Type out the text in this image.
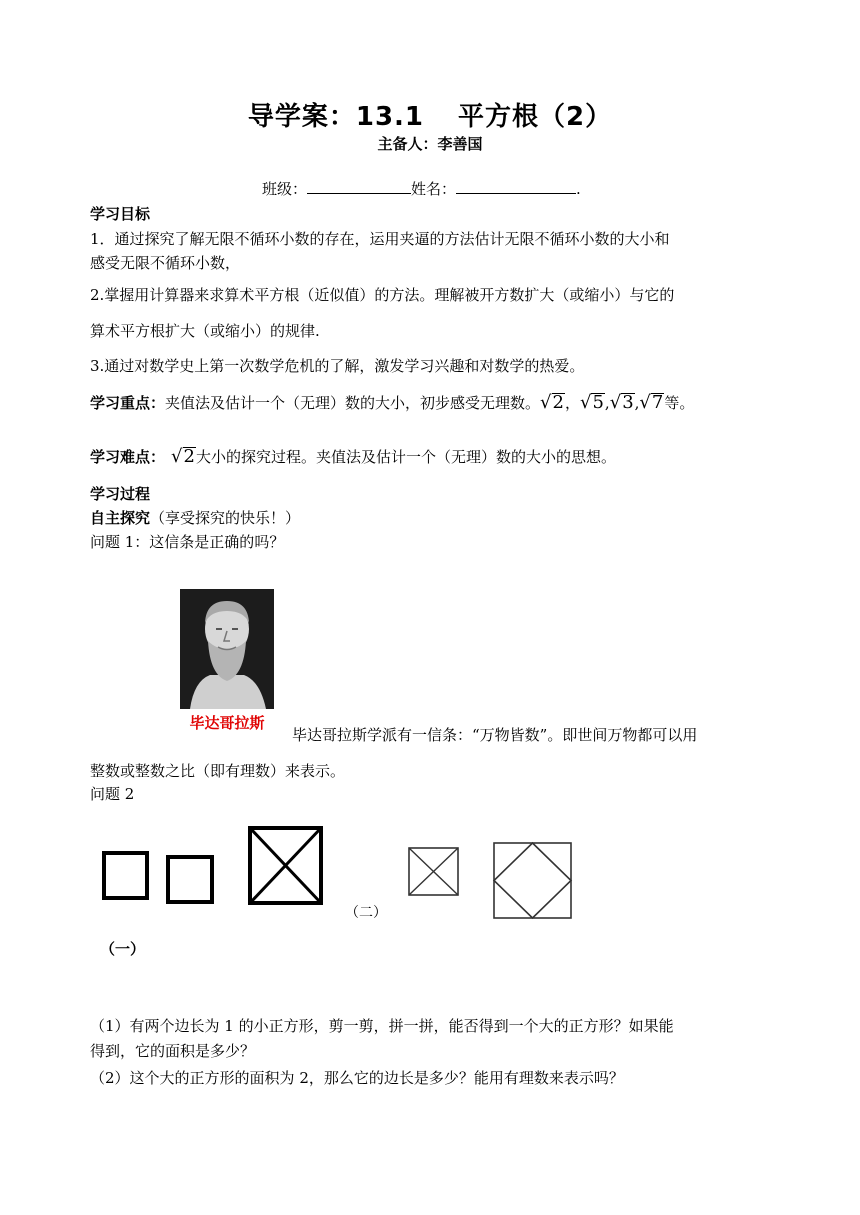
导学案：13.1 平方根（2）
主备人：李善国
班级：	姓名：	.
学习目标
1．通过探究了解无限不循环小数的存在，运用夹逼的方法估计无限不循环小数的大小和
感受无限不循环小数，
2.掌握用计算器来求算术平方根（近似值）的方法。理解被开方数扩大（或缩小）与它的
算术平方根扩大（或缩小）的规律.
3.通过对数学史上第一次数学危机的了解，激发学习兴趣和对数学的热爱。
学习重点：夹值法及估计一个（无理）数的大小，初步感受无理数。√2，√5,√3,√7等。
学习难点： √2大小的探究过程。夹值法及估计一个（无理）数的大小的思想。
学习过程
自主探究（享受探究的快乐！）
问题 1：这信条是正确的吗？
毕达哥拉斯
毕达哥拉斯学派有一信条：“万物皆数”。即世间万物都可以用
整数或整数之比（即有理数）来表示。
问题 2
（二）
（一）
（1）有两个边长为 1 的小正方形，剪一剪，拼一拼，能否得到一个大的正方形？如果能
得到，它的面积是多少？
（2）这个大的正方形的面积为 2，那么它的边长是多少？能用有理数来表示吗？
